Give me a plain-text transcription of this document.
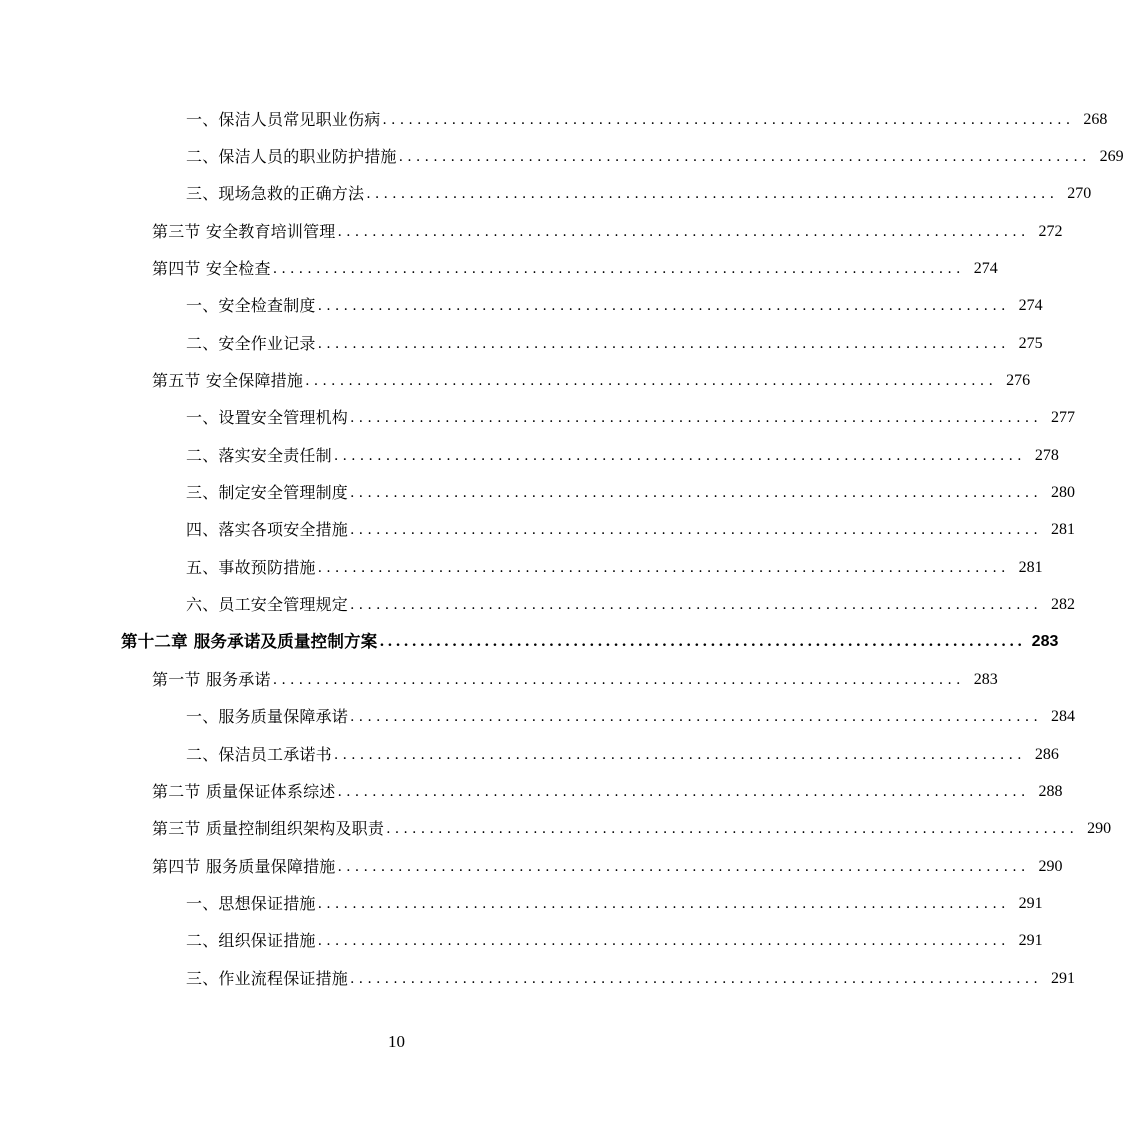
一、保洁人员常见职业伤病 ................................................................................ 268
二、保洁人员的职业防护措施 ................................................................................ 269
三、现场急救的正确方法 ................................................................................ 270
第三节 安全教育培训管理 ................................................................................ 272
第四节 安全检查 ................................................................................ 274
一、安全检查制度 ................................................................................ 274
二、安全作业记录 ................................................................................ 275
第五节 安全保障措施 ................................................................................ 276
一、设置安全管理机构 ................................................................................ 277
二、落实安全责任制 ................................................................................ 278
三、制定安全管理制度 ................................................................................ 280
四、落实各项安全措施 ................................................................................ 281
五、事故预防措施 ................................................................................ 281
六、员工安全管理规定 ................................................................................ 282
第十二章 服务承诺及质量控制方案 ................................................................................ 283
第一节 服务承诺 ................................................................................ 283
一、服务质量保障承诺 ................................................................................ 284
二、保洁员工承诺书 ................................................................................ 286
第二节 质量保证体系综述 ................................................................................ 288
第三节 质量控制组织架构及职责 ................................................................................ 290
第四节 服务质量保障措施 ................................................................................ 290
一、思想保证措施 ................................................................................ 291
二、组织保证措施 ................................................................................ 291
三、作业流程保证措施 ................................................................................ 291
10
